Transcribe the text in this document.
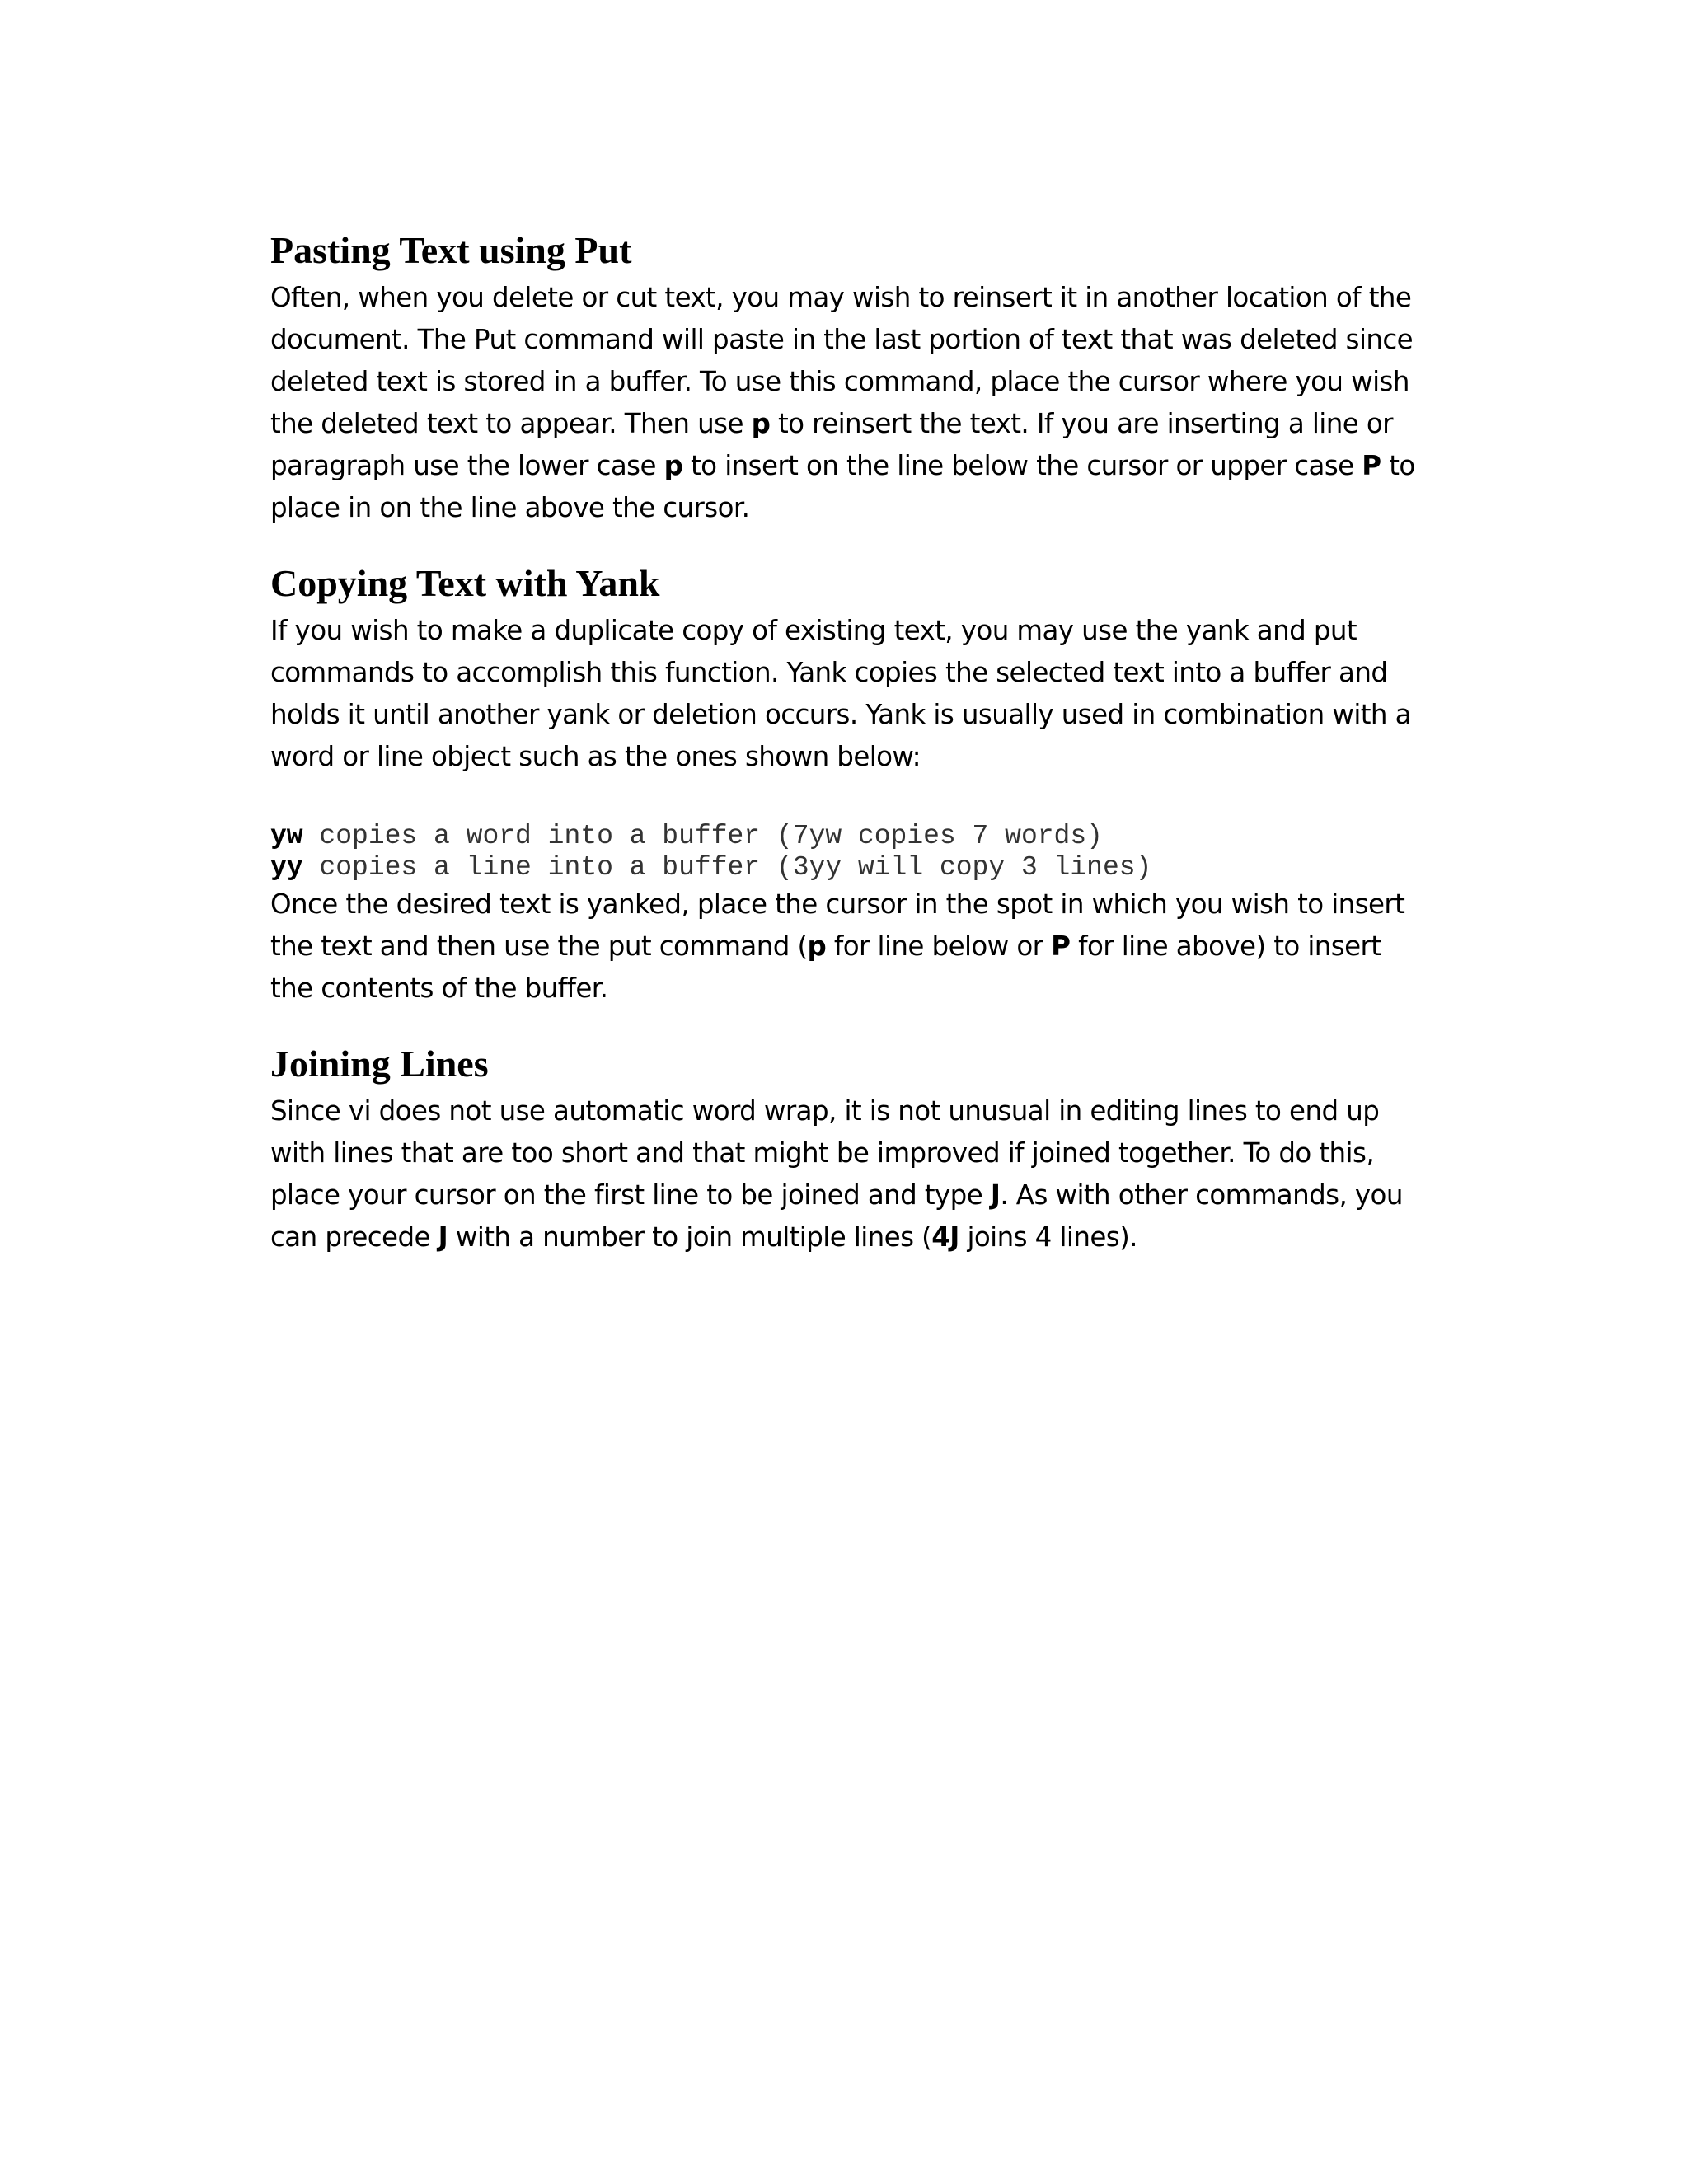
Pasting Text using Put

Often, when you delete or cut text, you may wish to reinsert it in another location of the document. The Put command will paste in the last portion of text that was deleted since deleted text is stored in a buffer. To use this command, place the cursor where you wish the deleted text to appear. Then use p to reinsert the text. If you are inserting a line or paragraph use the lower case p to insert on the line below the cursor or upper case P to place in on the line above the cursor.

Copying Text with Yank

If you wish to make a duplicate copy of existing text, you may use the yank and put commands to accomplish this function. Yank copies the selected text into a buffer and holds it until another yank or deletion occurs. Yank is usually used in combination with a word or line object such as the ones shown below:

yw copies a word into a buffer (7yw copies 7 words)
yy copies a line into a buffer (3yy will copy 3 lines)

Once the desired text is yanked, place the cursor in the spot in which you wish to insert the text and then use the put command (p for line below or P for line above) to insert the contents of the buffer.

Joining Lines

Since vi does not use automatic word wrap, it is not unusual in editing lines to end up with lines that are too short and that might be improved if joined together. To do this, place your cursor on the first line to be joined and type J. As with other commands, you can precede J with a number to join multiple lines (4J joins 4 lines).
